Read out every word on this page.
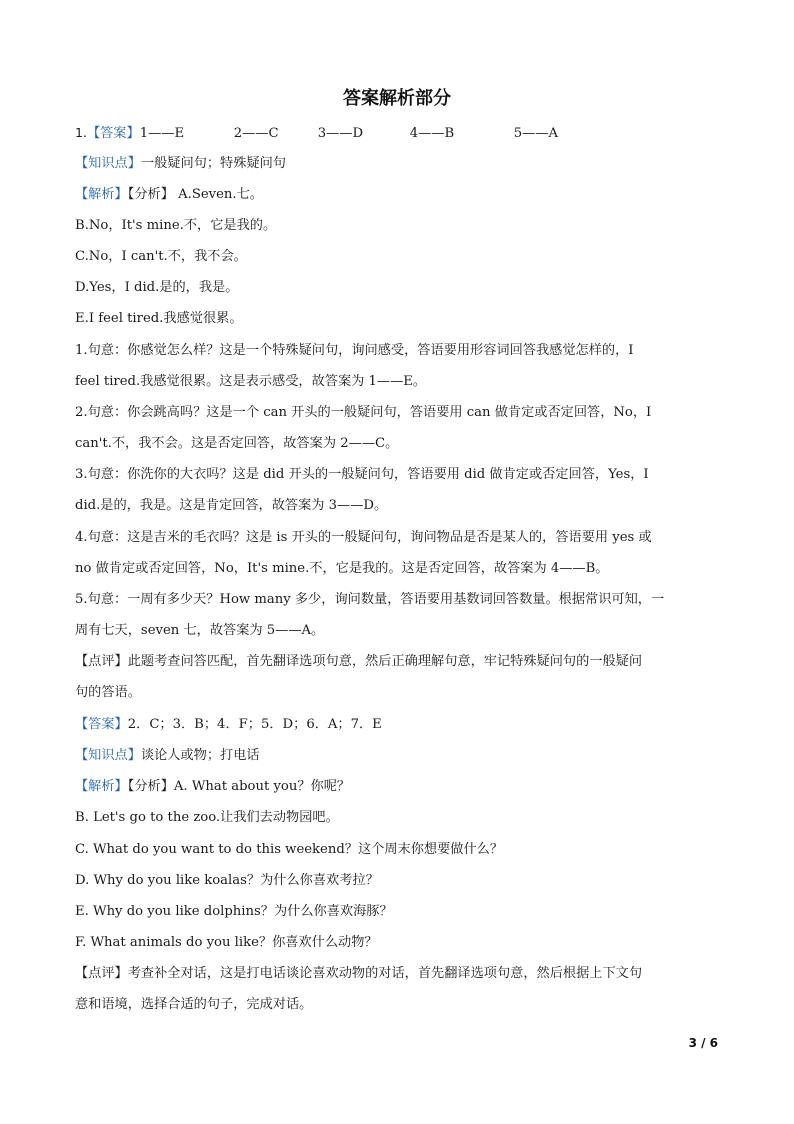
答案解析部分
1.【答案】1——E	2——C	3——D	4——B	5——A
【知识点】一般疑问句；特殊疑问句
【解析】【分析】 A.Seven.七。
B.No，It's mine.不，它是我的。
C.No，I can't.不，我不会。
D.Yes，I did.是的，我是。
E.I feel tired.我感觉很累。
1.句意：你感觉怎么样？这是一个特殊疑问句，询问感受，答语要用形容词回答我感觉怎样的，I
feel tired.我感觉很累。这是表示感受，故答案为 1——E。
2.句意：你会跳高吗？这是一个 can 开头的一般疑问句，答语要用 can 做肯定或否定回答，No，I
can't.不，我不会。这是否定回答，故答案为 2——C。
3.句意：你洗你的大衣吗？这是 did 开头的一般疑问句，答语要用 did 做肯定或否定回答，Yes，I
did.是的，我是。这是肯定回答，故答案为 3——D。
4.句意：这是吉米的毛衣吗？这是 is 开头的一般疑问句，询问物品是否是某人的，答语要用 yes 或
no 做肯定或否定回答，No，It's mine.不，它是我的。这是否定回答，故答案为 4——B。
5.句意：一周有多少天？How many 多少，询问数量，答语要用基数词回答数量。根据常识可知，一
周有七天，seven 七，故答案为 5——A。
【点评】此题考查问答匹配，首先翻译选项句意，然后正确理解句意，牢记特殊疑问句的一般疑问
句的答语。
【答案】2．C；3．B；4．F；5．D；6．A；7．E
【知识点】谈论人或物；打电话
【解析】【分析】A. What about you？你呢？
B. Let's go to the zoo.让我们去动物园吧。
C. What do you want to do this weekend？这个周末你想要做什么？
D. Why do you like koalas？为什么你喜欢考拉？
E. Why do you like dolphins？为什么你喜欢海豚？
F. What animals do you like？你喜欢什么动物？
【点评】考查补全对话，这是打电话谈论喜欢动物的对话，首先翻译选项句意，然后根据上下文句
意和语境，选择合适的句子，完成对话。
3 / 6
